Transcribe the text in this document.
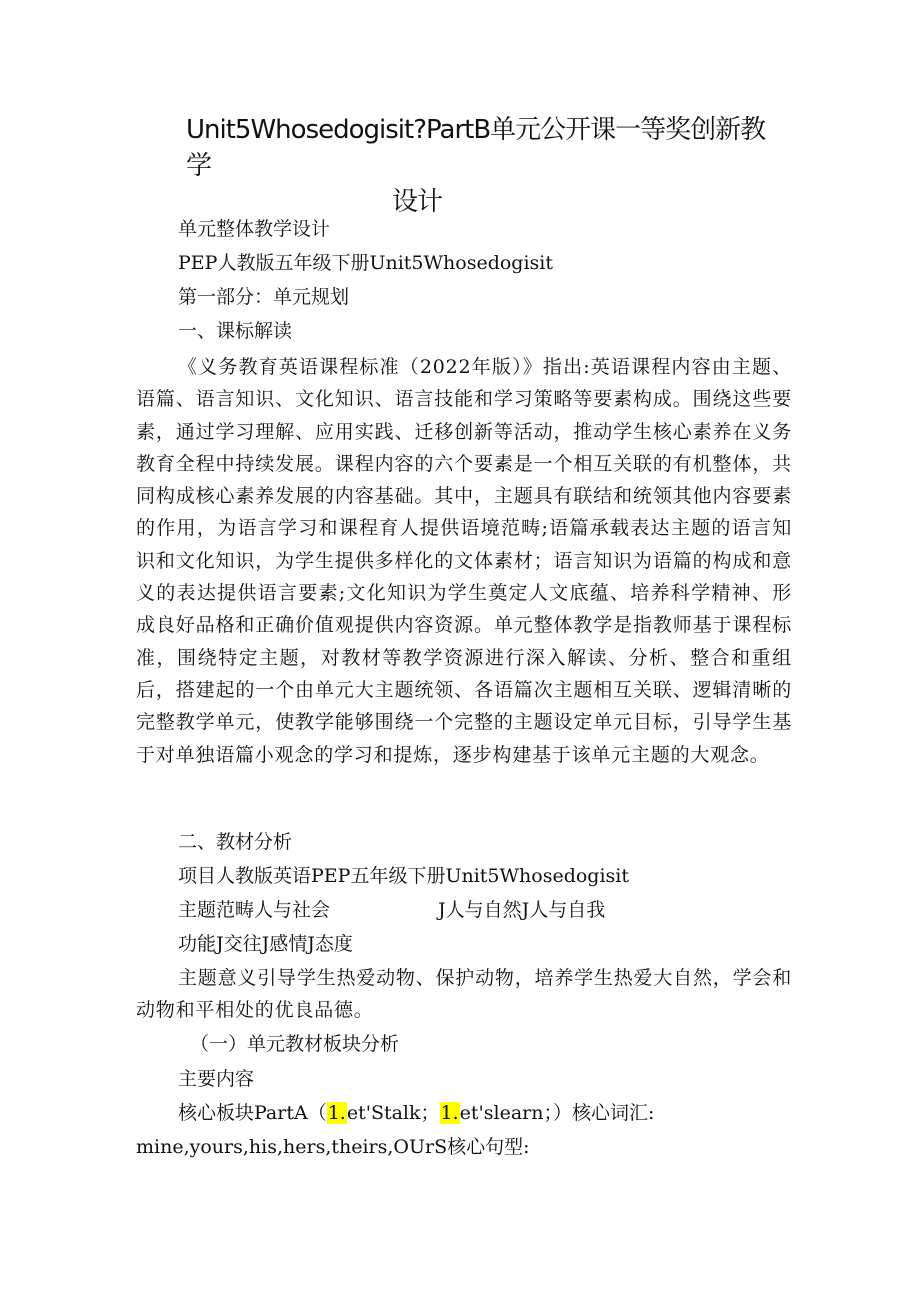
Unit5Whosedogisit?PartB单元公开课一等奖创新教学
设计
单元整体教学设计
PEP人教版五年级下册Unit5Whosedogisit
第一部分：单元规划
一、课标解读
《义务教育英语课程标准（2022年版）》指出:英语课程内容由主题、语篇、语言知识、文化知识、语言技能和学习策略等要素构成。围绕这些要素，通过学习理解、应用实践、迁移创新等活动，推动学生核心素养在义务教育全程中持续发展。课程内容的六个要素是一个相互关联的有机整体，共同构成核心素养发展的内容基础。其中，主题具有联结和统领其他内容要素的作用，为语言学习和课程育人提供语境范畴;语篇承载表达主题的语言知识和文化知识，为学生提供多样化的文体素材；语言知识为语篇的构成和意义的表达提供语言要素;文化知识为学生奠定人文底蕴、培养科学精神、形成良好品格和正确价值观提供内容资源。单元整体教学是指教师基于课程标准，围绕特定主题，对教材等教学资源进行深入解读、分析、整合和重组后，搭建起的一个由单元大主题统领、各语篇次主题相互关联、逻辑清晰的完整教学单元，使教学能够围绕一个完整的主题设定单元目标，引导学生基于对单独语篇小观念的学习和提炼，逐步构建基于该单元主题的大观念。
二、教材分析
项目人教版英语PEP五年级下册Unit5Whosedogisit
主题范畴人与社会	J人与自然J人与自我
功能J交往J感情J态度
主题意义引导学生热爱动物、保护动物，培养学生热爱大自然，学会和动物和平相处的优良品德。
（一）单元教材板块分析
主要内容
核心板块PartA（1.et'Stalk；1.et'slearn；）核心词汇:
mine,yours,his,hers,theirs,OUrS核心句型:
